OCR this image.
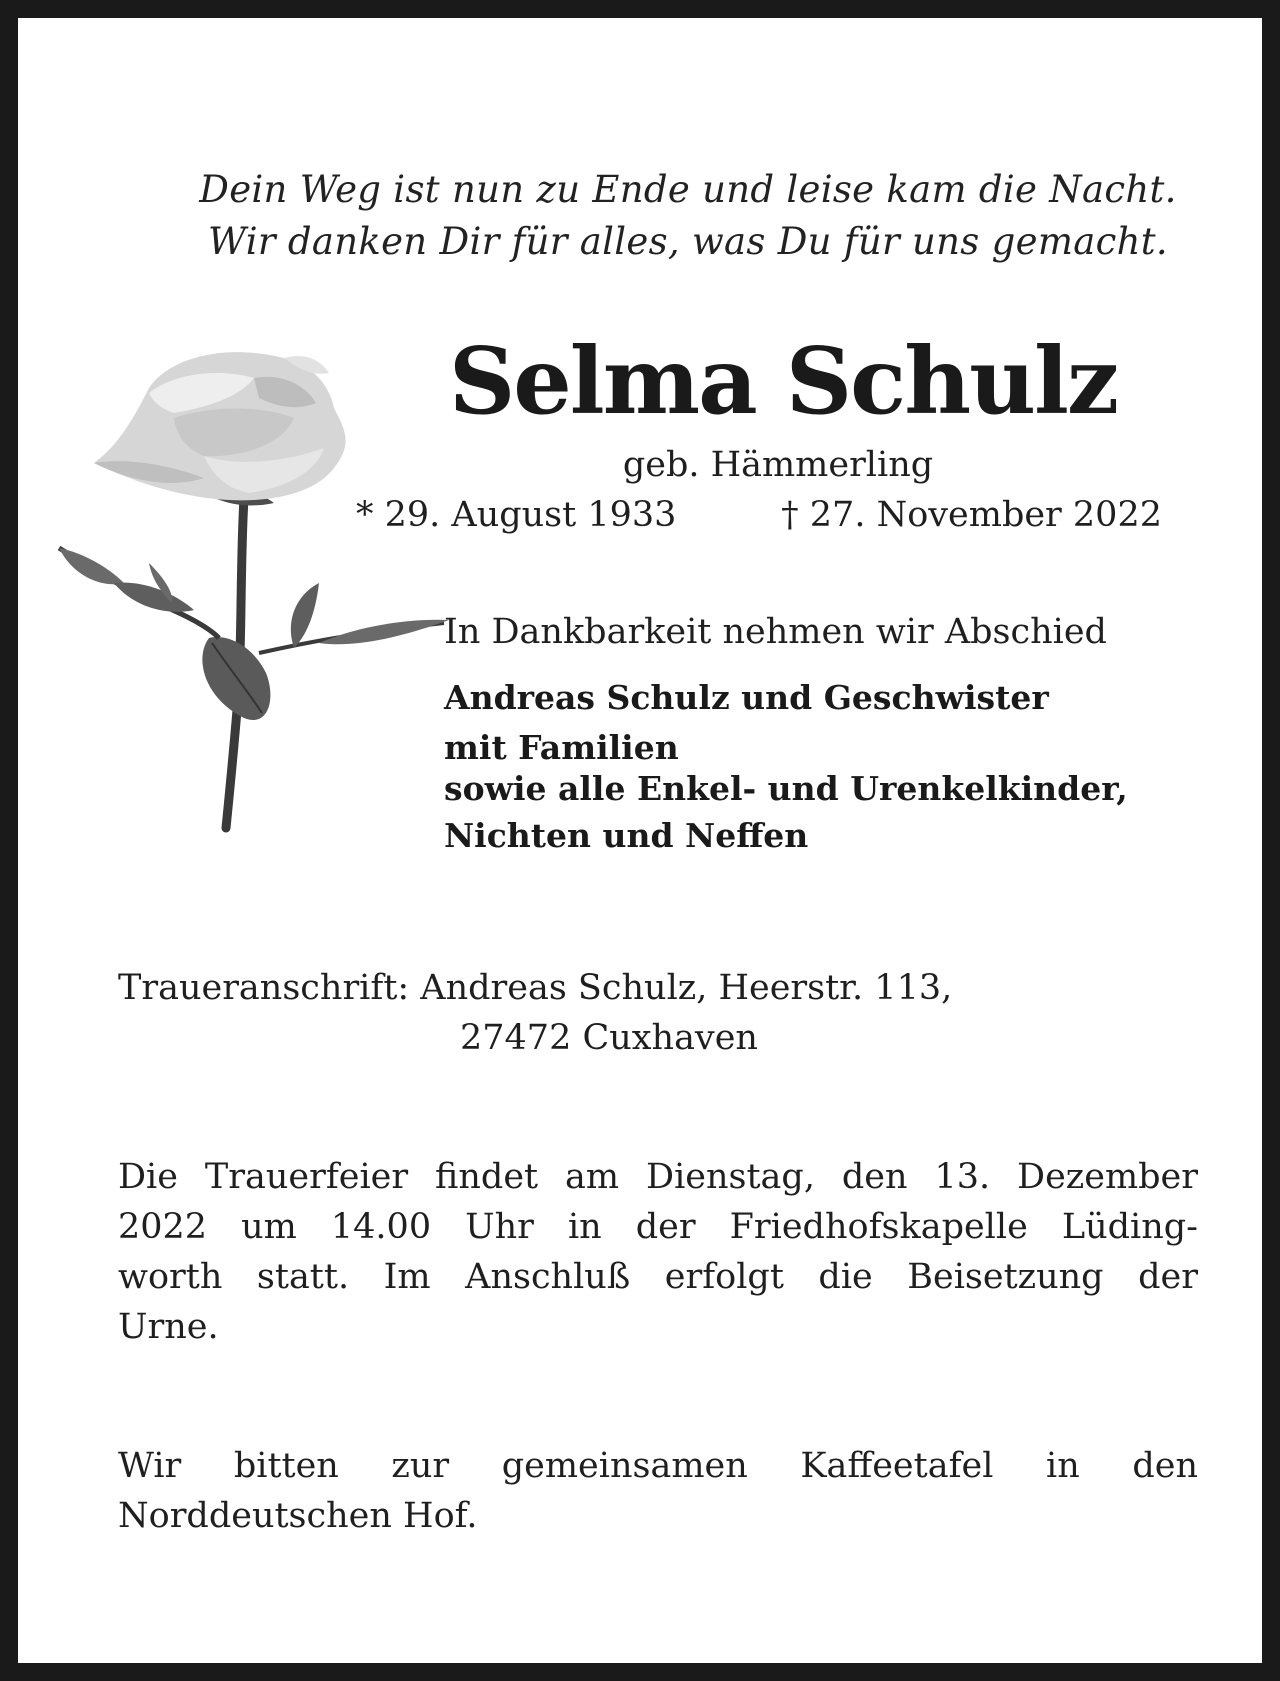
Dein Weg ist nun zu Ende und leise kam die Nacht.
Wir danken Dir für alles, was Du für uns gemacht.
Selma Schulz
geb. Hämmerling
* 29. August 1933	† 27. November 2022
In Dankbarkeit nehmen wir Abschied
Andreas Schulz und Geschwister
mit Familien
sowie alle Enkel- und Urenkelkinder,
Nichten und Neffen
Traueranschrift: Andreas Schulz, Heerstr. 113,
27472 Cuxhaven
Die Trauerfeier findet am Dienstag, den 13. Dezember
2022 um 14.00 Uhr in der Friedhofskapelle Lüding-
worth statt. Im Anschluß erfolgt die Beisetzung der
Urne.
Wir bitten zur gemeinsamen Kaffeetafel in den
Norddeutschen Hof.
